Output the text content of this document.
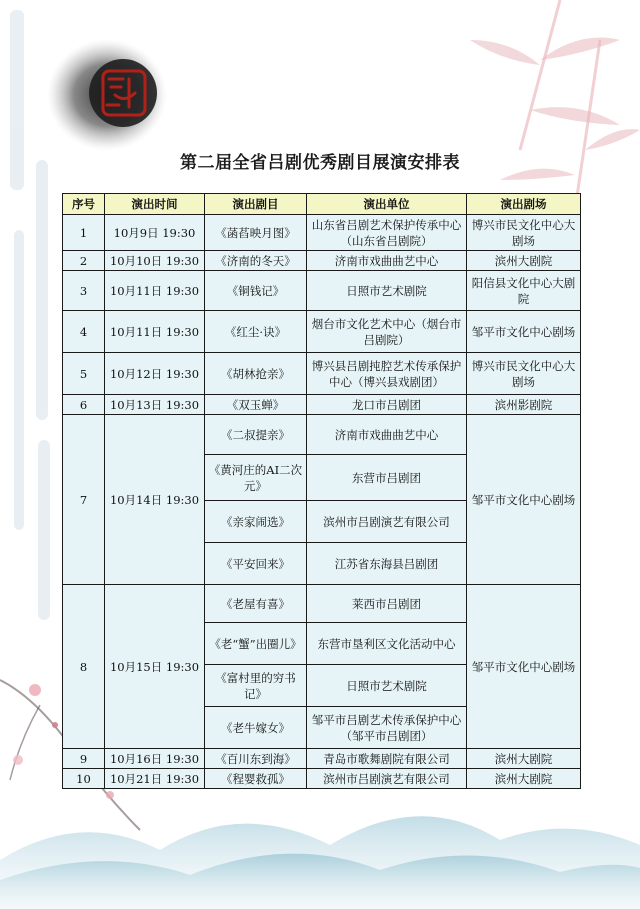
第二届全省吕剧优秀剧目展演安排表
序号	演出时间	演出剧目	演出单位	演出剧场
1	10月9日 19:30	《菡萏映月图》	山东省吕剧艺术保护传承中心（山东省吕剧院）	博兴市民文化中心大剧场
2	10月10日 19:30	《济南的冬天》	济南市戏曲曲艺中心	滨州大剧院
3	10月11日 19:30	《铜钱记》	日照市艺术剧院	阳信县文化中心大剧院
4	10月11日 19:30	《红尘·诀》	烟台市文化艺术中心（烟台市吕剧院）	邹平市文化中心剧场
5	10月12日 19:30	《胡林抢亲》	博兴县吕剧扽腔艺术传承保护中心（博兴县戏剧团）	博兴市民文化中心大剧场
6	10月13日 19:30	《双玉蝉》	龙口市吕剧团	滨州影剧院
7	10月14日 19:30	《二叔提亲》	济南市戏曲曲艺中心	邹平市文化中心剧场
		《黄河庄的AI二次元》	东营市吕剧团	
		《亲家闹选》	滨州市吕剧演艺有限公司	
		《平安回来》	江苏省东海县吕剧团	
8	10月15日 19:30	《老屋有喜》	莱西市吕剧团	邹平市文化中心剧场
		《老“蟹”出圈儿》	东营市垦利区文化活动中心	
		《富村里的穷书记》	日照市艺术剧院	
		《老牛嫁女》	邹平市吕剧艺术传承保护中心（邹平市吕剧团）	
9	10月16日 19:30	《百川东到海》	青岛市歌舞剧院有限公司	滨州大剧院
10	10月21日 19:30	《程婴救孤》	滨州市吕剧演艺有限公司	滨州大剧院
